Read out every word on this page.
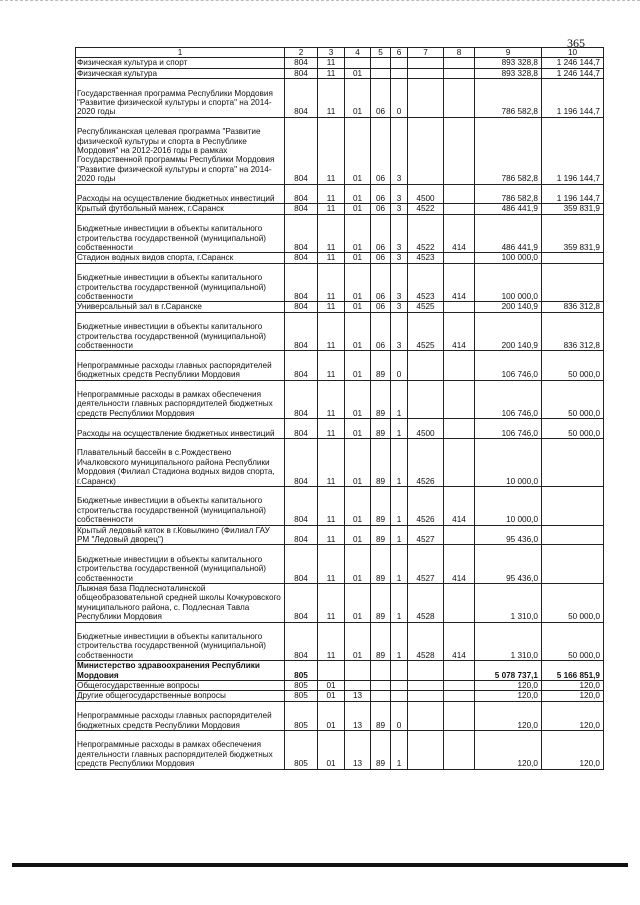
365
1	2	3	4	5	6	7	8	9	10
Физическая культура и спорт	804	11						893 328,8	1 246 144,7
Физическая культура	804	11	01					893 328,8	1 246 144,7
Государственная программа Республики Мордовия "Развитие физической культуры и спорта" на 2014-2020 годы	804	11	01	06	0			786 582,8	1 196 144,7
Республиканская целевая программа "Развитие физической культуры и спорта в Республике Мордовия" на 2012-2016 годы в рамках Государственной программы Республики Мордовия "Развитие физической культуры и спорта" на 2014-2020 годы	804	11	01	06	3			786 582,8	1 196 144,7
Расходы на осуществление бюджетных инвестиций	804	11	01	06	3	4500		786 582,8	1 196 144,7
Крытый футбольный манеж, г.Саранск	804	11	01	06	3	4522		486 441,9	359 831,9
Бюджетные инвестиции в объекты капитального строительства государственной (муниципальной) собственности	804	11	01	06	3	4522	414	486 441,9	359 831,9
Стадион водных видов спорта, г.Саранск	804	11	01	06	3	4523		100 000,0	
Бюджетные инвестиции в объекты капитального строительства государственной (муниципальной) собственности	804	11	01	06	3	4523	414	100 000,0	
Универсальный зал в г.Саранске	804	11	01	06	3	4525		200 140,9	836 312,8
Бюджетные инвестиции в объекты капитального строительства государственной (муниципальной) собственности	804	11	01	06	3	4525	414	200 140,9	836 312,8
Непрограммные расходы главных распорядителей бюджетных средств Республики Мордовия	804	11	01	89	0			106 746,0	50 000,0
Непрограммные расходы в рамках обеспечения деятельности главных распорядителей бюджетных средств Республики Мордовия	804	11	01	89	1			106 746,0	50 000,0
Расходы на осуществление бюджетных инвестиций	804	11	01	89	1	4500		106 746,0	50 000,0
Плавательный бассейн в с.Рождествено Ичалковского муниципального района Республики Мордовия (Филиал Стадиона водных видов спорта, г.Саранск)	804	11	01	89	1	4526		10 000,0	
Бюджетные инвестиции в объекты капитального строительства государственной (муниципальной) собственности	804	11	01	89	1	4526	414	10 000,0	
Крытый ледовый каток в г.Ковылкино (Филиал ГАУ РМ "Ледовый дворец")	804	11	01	89	1	4527		95 436,0	
Бюджетные инвестиции в объекты капитального строительства государственной (муниципальной) собственности	804	11	01	89	1	4527	414	95 436,0	
Лыжная база Подлесноталинской общеобразовательной средней школы Кочкуровского муниципального района, с. Подлесная Тавла Республики Мордовия	804	11	01	89	1	4528		1 310,0	50 000,0
Бюджетные инвестиции в объекты капитального строительства государственной (муниципальной) собственности	804	11	01	89	1	4528	414	1 310,0	50 000,0
Министерство здравоохранения Республики Мордовия	805							5 078 737,1	5 166 851,9
Общегосударственные вопросы	805	01						120,0	120,0
Другие общегосударственные вопросы	805	01	13					120,0	120,0
Непрограммные расходы главных распорядителей бюджетных средств Республики Мордовия	805	01	13	89	0			120,0	120,0
Непрограммные расходы в рамках обеспечения деятельности главных распорядителей бюджетных средств Республики Мордовия	805	01	13	89	1			120,0	120,0
